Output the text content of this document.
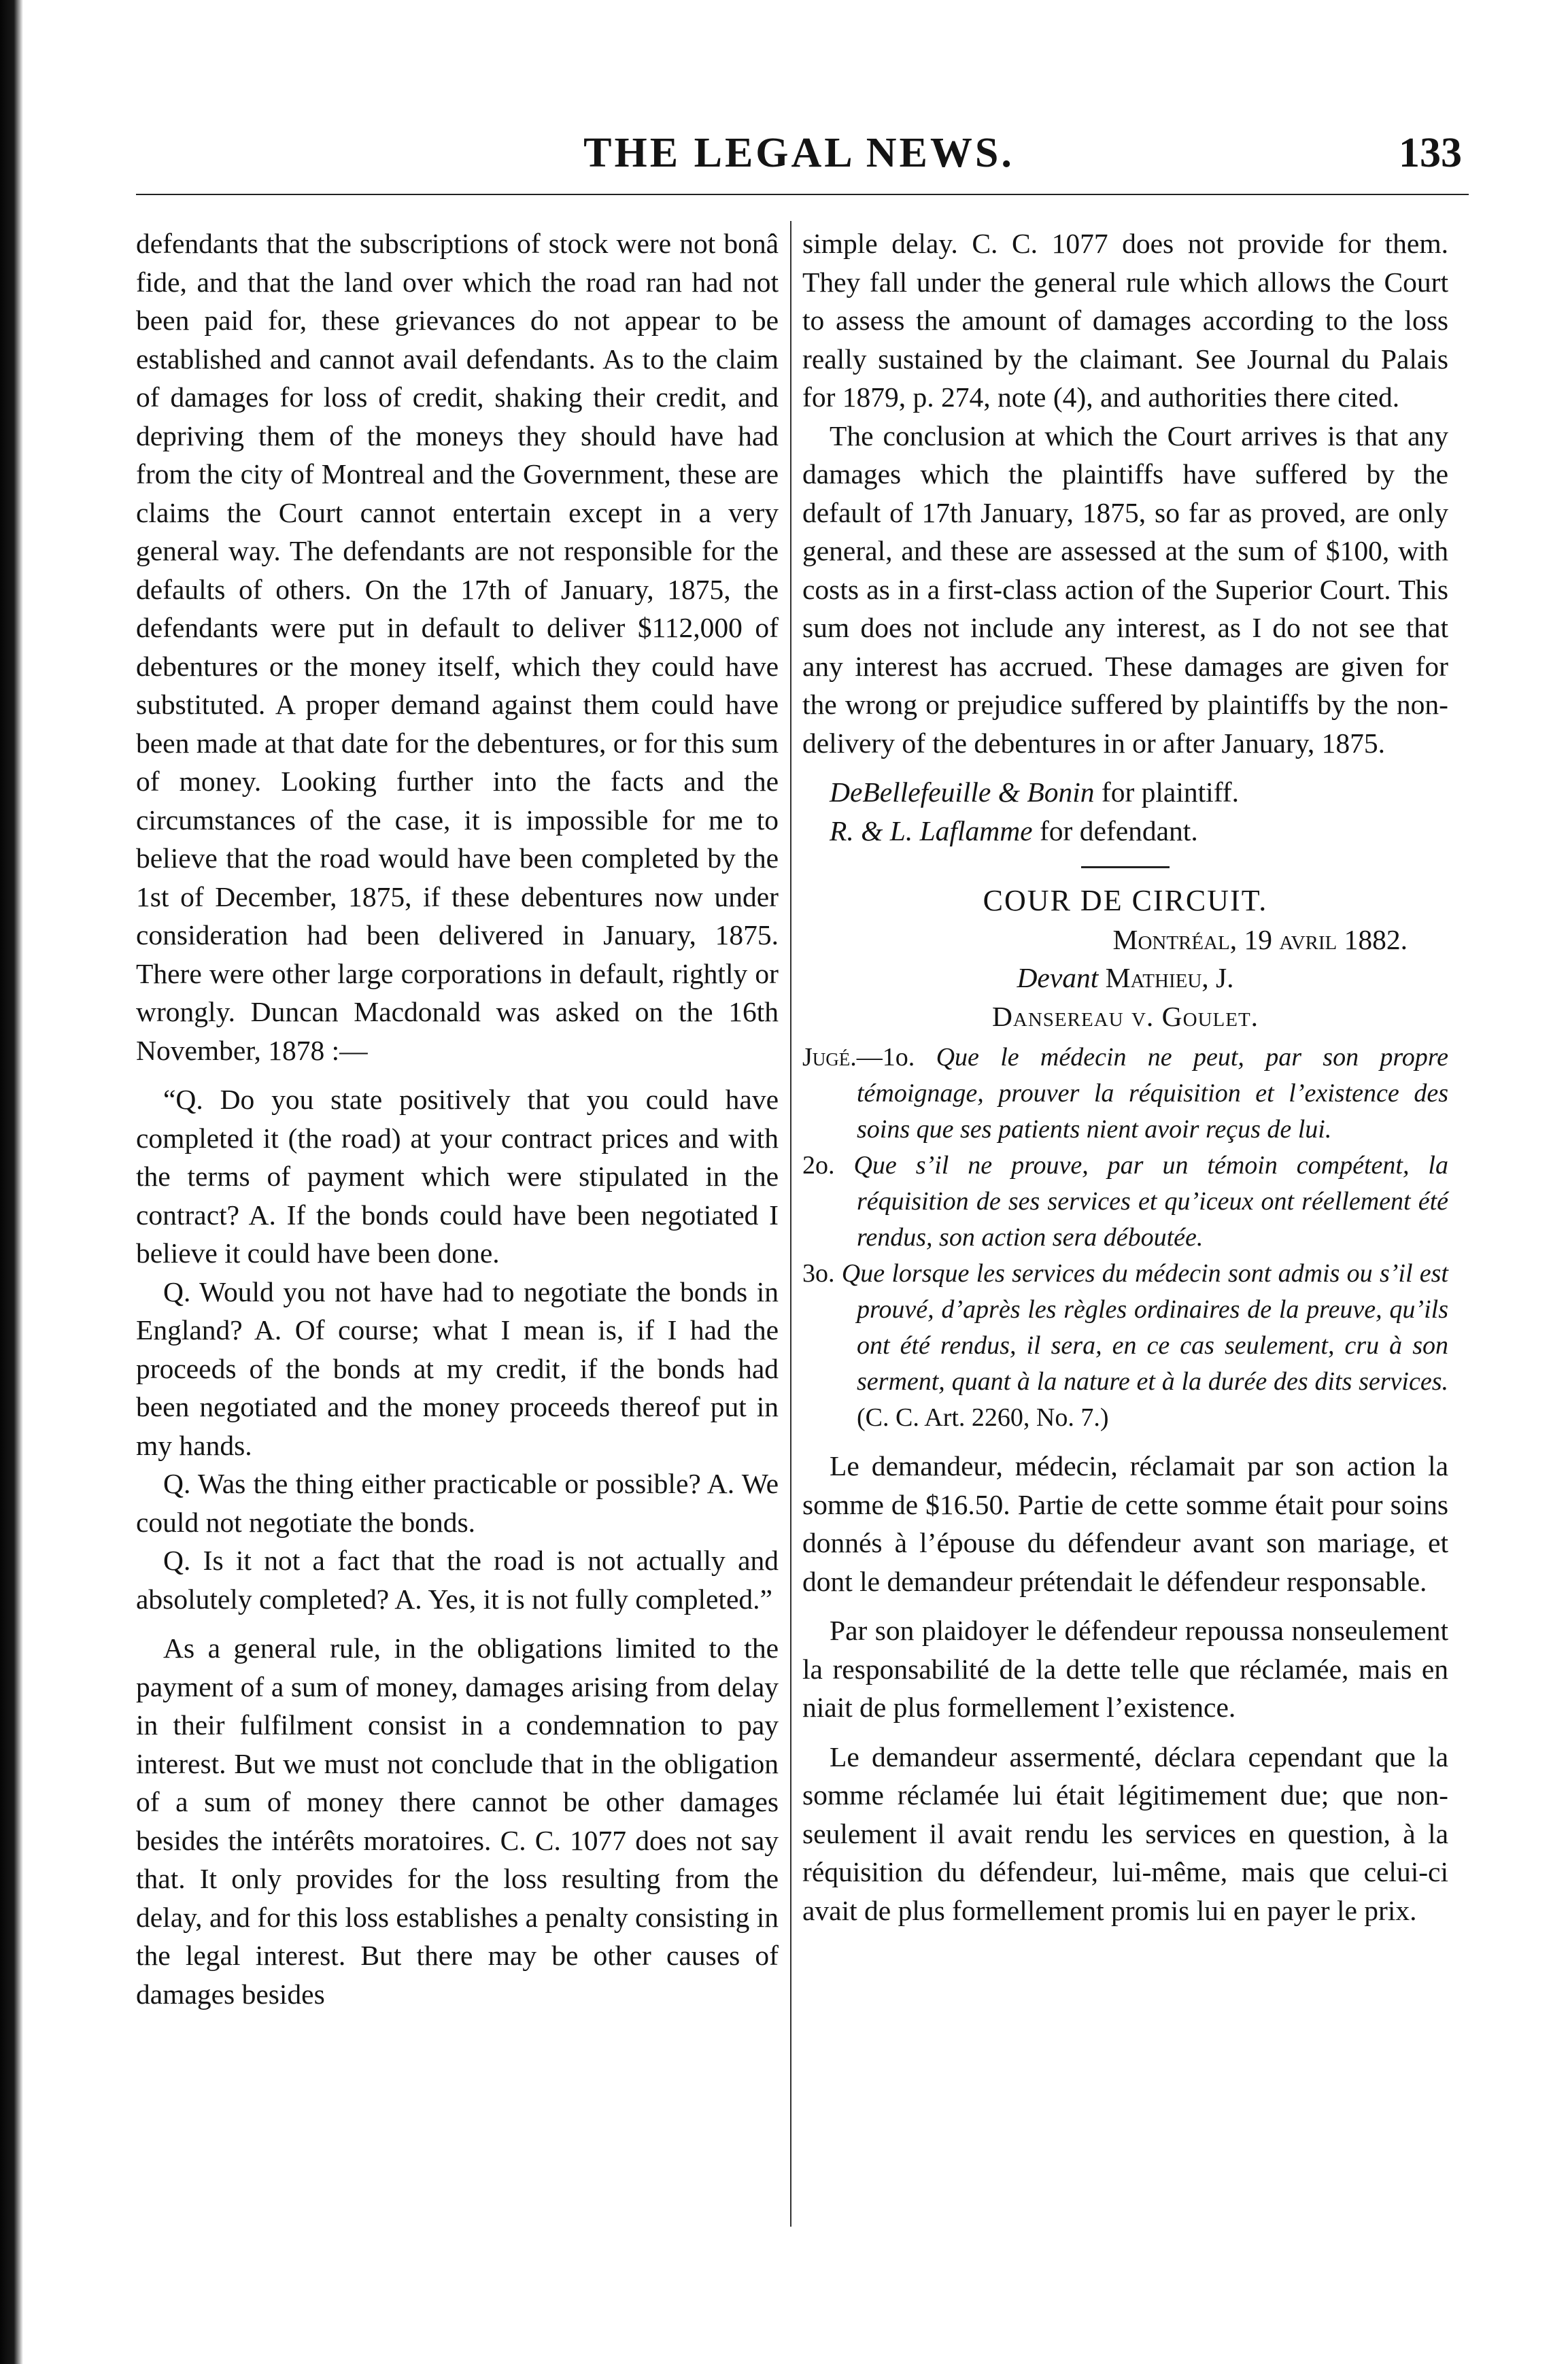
THE LEGAL NEWS.	133

defendants that the subscriptions of stock were not bonâ fide, and that the land over which the road ran had not been paid for, these grievances do not appear to be established and cannot avail defendants. As to the claim of damages for loss of credit, shaking their credit, and depriving them of the moneys they should have had from the city of Montreal and the Government, these are claims the Court cannot entertain except in a very general way. The defendants are not responsible for the defaults of others. On the 17th of January, 1875, the defendants were put in default to deliver $112,000 of debentures or the money itself, which they could have substituted. A proper demand against them could have been made at that date for the debentures, or for this sum of money. Looking further into the facts and the circumstances of the case, it is impossible for me to believe that the road would have been completed by the 1st of December, 1875, if these debentures now under consideration had been delivered in January, 1875. There were other large corporations in default, rightly or wrongly. Duncan Macdonald was asked on the 16th November, 1878 :—

“Q. Do you state positively that you could have completed it (the road) at your contract prices and with the terms of payment which were stipulated in the contract? A. If the bonds could have been negotiated I believe it could have been done.

Q. Would you not have had to negotiate the bonds in England? A. Of course; what I mean is, if I had the proceeds of the bonds at my credit, if the bonds had been negotiated and the money proceeds thereof put in my hands.

Q. Was the thing either practicable or possible? A. We could not negotiate the bonds.

Q. Is it not a fact that the road is not actually and absolutely completed? A. Yes, it is not fully completed.”

As a general rule, in the obligations limited to the payment of a sum of money, damages arising from delay in their fulfilment consist in a condemnation to pay interest. But we must not conclude that in the obligation of a sum of money there cannot be other damages besides the intérêts moratoires. C. C. 1077 does not say that. It only provides for the loss resulting from the delay, and for this loss establishes a penalty consisting in the legal interest. But there may be other causes of damages besides

simple delay. C. C. 1077 does not provide for them. They fall under the general rule which allows the Court to assess the amount of damages according to the loss really sustained by the claimant. See Journal du Palais for 1879, p. 274, note (4), and authorities there cited.

The conclusion at which the Court arrives is that any damages which the plaintiffs have suffered by the default of 17th January, 1875, so far as proved, are only general, and these are assessed at the sum of $100, with costs as in a first-class action of the Superior Court. This sum does not include any interest, as I do not see that any interest has accrued. These damages are given for the wrong or prejudice suffered by plaintiffs by the non-delivery of the debentures in or after January, 1875.

DeBellefeuille & Bonin for plaintiff.

R. & L. Laflamme for defendant.

COUR DE CIRCUIT.

Montréal, 19 avril 1882.

Devant Mathieu, J.

Dansereau v. Goulet.

Jugé.—1o. Que le médecin ne peut, par son propre témoignage, prouver la réquisition et l’existence des soins que ses patients nient avoir reçus de lui.

2o. Que s’il ne prouve, par un témoin compétent, la réquisition de ses services et qu’iceux ont réellement été rendus, son action sera déboutée.

3o. Que lorsque les services du médecin sont admis ou s’il est prouvé, d’après les règles ordinaires de la preuve, qu’ils ont été rendus, il sera, en ce cas seulement, cru à son serment, quant à la nature et à la durée des dits services. (C. C. Art. 2260, No. 7.)

Le demandeur, médecin, réclamait par son action la somme de $16.50. Partie de cette somme était pour soins donnés à l’épouse du défendeur avant son mariage, et dont le demandeur prétendait le défendeur responsable.

Par son plaidoyer le défendeur repoussa nonseulement la responsabilité de la dette telle que réclamée, mais en niait de plus formellement l’existence.

Le demandeur assermenté, déclara cependant que la somme réclamée lui était légitimement due; que non-seulement il avait rendu les services en question, à la réquisition du défendeur, lui-même, mais que celui-ci avait de plus formellement promis lui en payer le prix.
